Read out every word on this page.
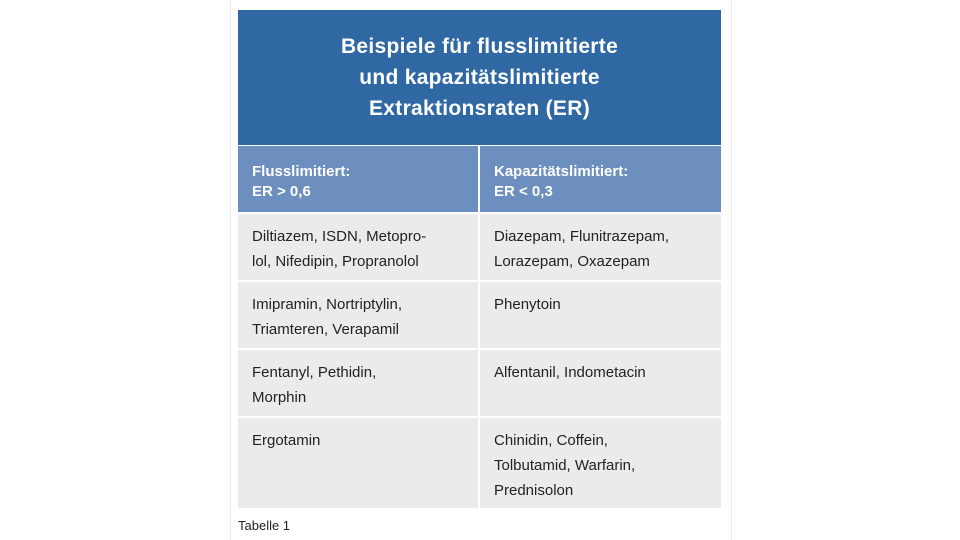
Beispiele für flusslimitierte
und kapazitätslimitierte
Extraktionsraten (ER)
Flusslimitiert:
ER > 0,6
Kapazitätslimitiert:
ER < 0,3
Diltiazem, ISDN, Metopro-
lol, Nifedipin, Propranolol
Diazepam, Flunitrazepam,
Lorazepam, Oxazepam
Imipramin, Nortriptylin,
Triamteren, Verapamil
Phenytoin
Fentanyl, Pethidin,
Morphin
Alfentanil, Indometacin
Ergotamin	Chinidin, Coffein,
Tolbutamid, Warfarin,
Prednisolon
Tabelle 1
